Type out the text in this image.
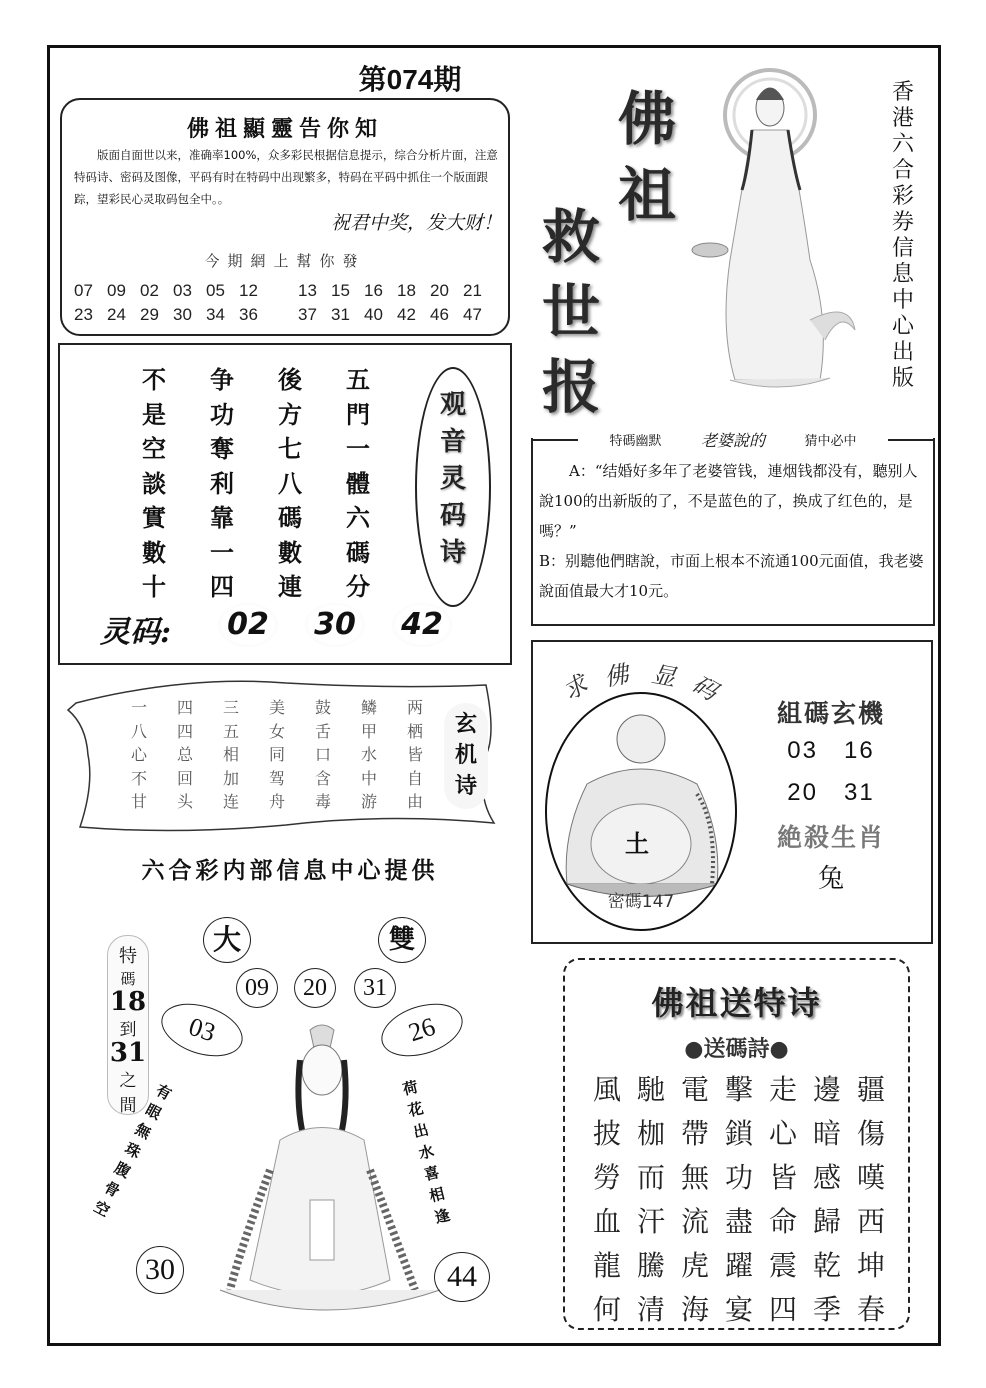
第074期
佛祖顯靈告你知
版面自面世以来，准确率100%，众多彩民根据信息提示，综合分析片面，注意特码诗、密码及图像，平码有时在特码中出现繁多，特码在平码中抓住一个版面跟踪，望彩民心灵取码包全中。。
祝君中奖，发大财！
今期網上幫你發
07 09 02 03 05 12	13 15 16 18 20 21
23 24 29 30 34 36	37 31 40 42 46 47
佛
祖
救
世
报
香
港
六
合
彩
券
信
息
中
心
出
版
不	争	後	五
是	功	方	門
空	奪	七	一
談	利	八	體
實	靠	碼	六
數	一	數	碼
十	四	連	分
观
音
灵
码
诗
灵码:	02	30	42
一	四	三	美	鼓	鳞	两
八	四	五	女	舌	甲	栖
心	总	相	同	口	水	皆
不	回	加	驾	含	中	自
甘	头	连	舟	毒	游	由
玄
机
诗
六合彩内部信息中心提供
特
碼
18
到
31
之
間
大	雙
09	20	31
03	26
有
眼
無
珠
腹
骨
空
荷
花
出
水
喜
相
逢
30	44
特碼幽默	老婆說的	猜中必中
A：“结婚好多年了老婆管钱，連烟钱都没有，聽别人說100的出新版的了，不是蓝色的了，换成了红色的，是嗎？”
B：别聽他們瞎說，市面上根本不流通100元面值，我老婆說面值最大才10元。
求 佛 显 码
土
密碼147
組碼玄機
03 16
20 31
絶殺生肖
兔
佛祖送特诗
●送碼詩●
風 馳 電 擊 走 邊 疆
披 枷 帶 鎖 心 暗 傷
勞 而 無 功 皆 感 嘆
血 汗 流 盡 命 歸 西
龍 騰 虎 躍 震 乾 坤
何 清 海 宴 四 季 春
